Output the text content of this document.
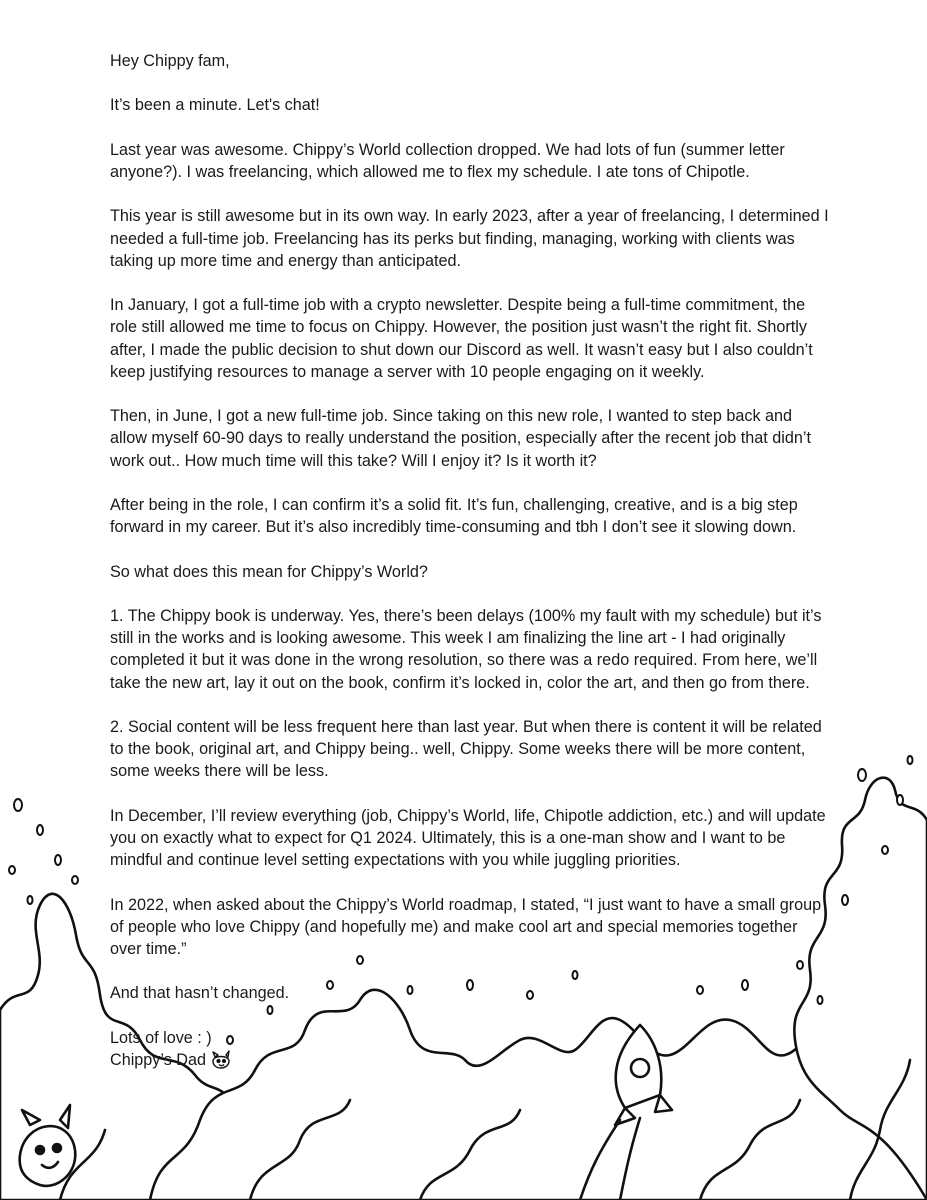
Hey Chippy fam,

It’s been a minute. Let's chat!

Last year was awesome. Chippy’s World collection dropped. We had lots of fun (summer letter anyone?). I was freelancing, which allowed me to flex my schedule. I ate tons of Chipotle.

This year is still awesome but in its own way. In early 2023, after a year of freelancing, I determined I needed a full-time job. Freelancing has its perks but finding, managing, working with clients was taking up more time and energy than anticipated.

In January, I got a full-time job with a crypto newsletter. Despite being a full-time commitment, the role still allowed me time to focus on Chippy. However, the position just wasn’t the right fit. Shortly after, I made the public decision to shut down our Discord as well. It wasn’t easy but I also couldn’t keep justifying resources to manage a server with 10 people engaging on it weekly.

Then, in June, I got a new full-time job. Since taking on this new role, I wanted to step back and allow myself 60-90 days to really understand the position, especially after the recent job that didn’t work out.. How much time will this take? Will I enjoy it? Is it worth it?

After being in the role, I can confirm it’s a solid fit. It’s fun, challenging, creative, and is a big step forward in my career. But it’s also incredibly time-consuming and tbh I don’t see it slowing down.

So what does this mean for Chippy’s World?

1. The Chippy book is underway. Yes, there’s been delays (100% my fault with my schedule) but it’s still in the works and is looking awesome. This week I am finalizing the line art - I had originally completed it but it was done in the wrong resolution, so there was a redo required. From here, we’ll take the new art, lay it out on the book, confirm it’s locked in, color the art, and then go from there.

2. Social content will be less frequent here than last year. But when there is content it will be related to the book, original art, and Chippy being.. well, Chippy. Some weeks there will be more content, some weeks there will be less.

In December, I’ll review everything (job, Chippy’s World, life, Chipotle addiction, etc.) and will update you on exactly what to expect for Q1 2024. Ultimately, this is a one-man show and I want to be mindful and continue level setting expectations with you while juggling priorities.

In 2022, when asked about the Chippy’s World roadmap, I stated, “I just want to have a small group of people who love Chippy (and hopefully me) and make cool art and special memories together over time.”

And that hasn’t changed.

Lots of love : )

Chippy’s Dad
